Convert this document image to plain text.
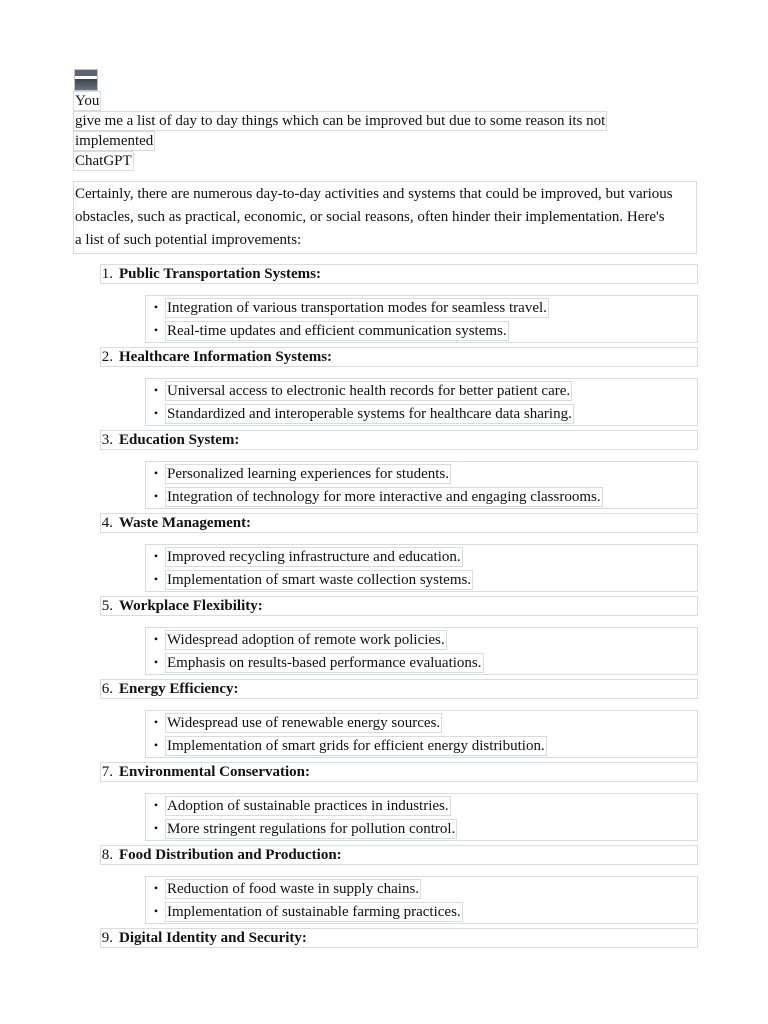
You
give me a list of day to day things which can be improved but due to some reason its not
implemented
ChatGPT
Certainly, there are numerous day-to-day activities and systems that could be improved, but various
obstacles, such as practical, economic, or social reasons, often hinder their implementation. Here's
a list of such potential improvements:
1. Public Transportation Systems:
• Integration of various transportation modes for seamless travel.
• Real-time updates and efficient communication systems.
2. Healthcare Information Systems:
• Universal access to electronic health records for better patient care.
• Standardized and interoperable systems for healthcare data sharing.
3. Education System:
• Personalized learning experiences for students.
• Integration of technology for more interactive and engaging classrooms.
4. Waste Management:
• Improved recycling infrastructure and education.
• Implementation of smart waste collection systems.
5. Workplace Flexibility:
• Widespread adoption of remote work policies.
• Emphasis on results-based performance evaluations.
6. Energy Efficiency:
• Widespread use of renewable energy sources.
• Implementation of smart grids for efficient energy distribution.
7. Environmental Conservation:
• Adoption of sustainable practices in industries.
• More stringent regulations for pollution control.
8. Food Distribution and Production:
• Reduction of food waste in supply chains.
• Implementation of sustainable farming practices.
9. Digital Identity and Security:
